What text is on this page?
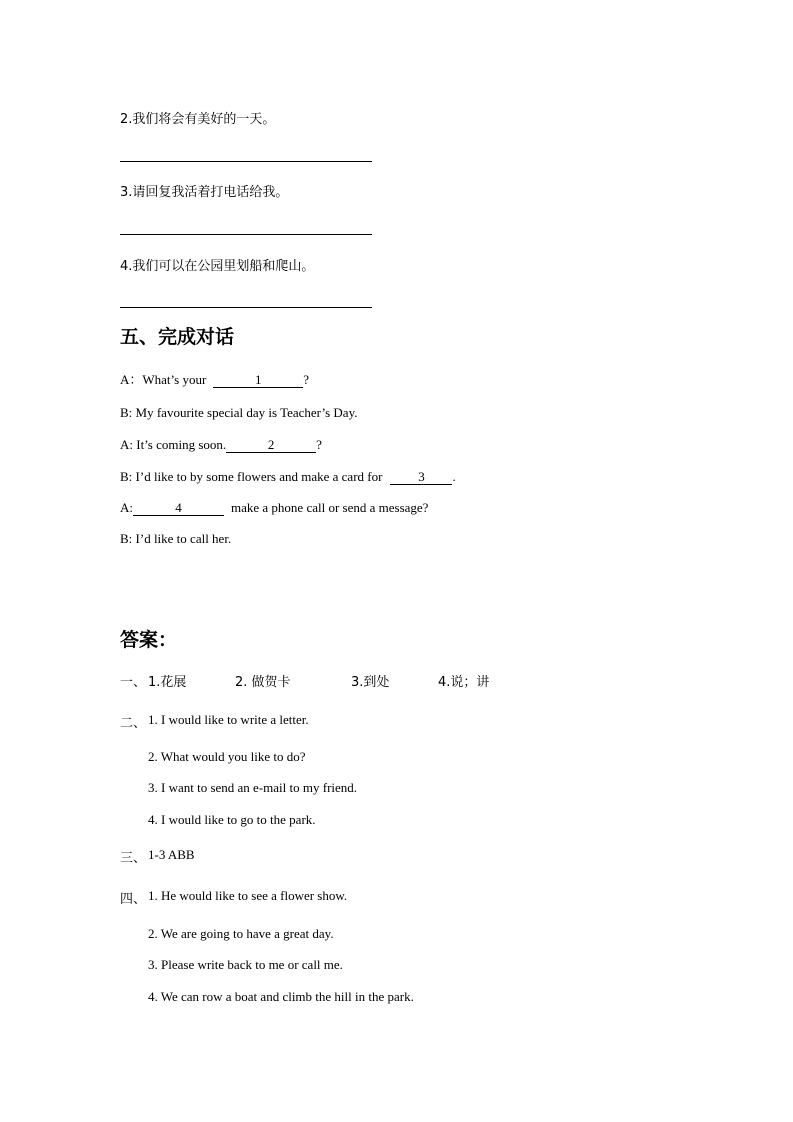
2.我们将会有美好的一天。
3.请回复我活着打电话给我。
4.我们可以在公园里划船和爬山。
五、完成对话
A：What’s your	1	?
B: My favourite special day is Teacher’s Day.
A: It’s coming soon.	2	?
B: I’d like to by some flowers and make a card for	3 .
A:	4	make a phone call or send a message?
B: I’d like to call her.
答案：
一、 1.花展	2. 做贺卡	3.到处	4.说；讲
二、 1. I would like to write a letter.
2. What would you like to do?
3. I want to send an e-mail to my friend.
4. I would like to go to the park.
三、 1-3 ABB
四、 1. He would like to see a flower show.
2. We are going to have a great day.
3. Please write back to me or call me.
4. We can row a boat and climb the hill in the park.
